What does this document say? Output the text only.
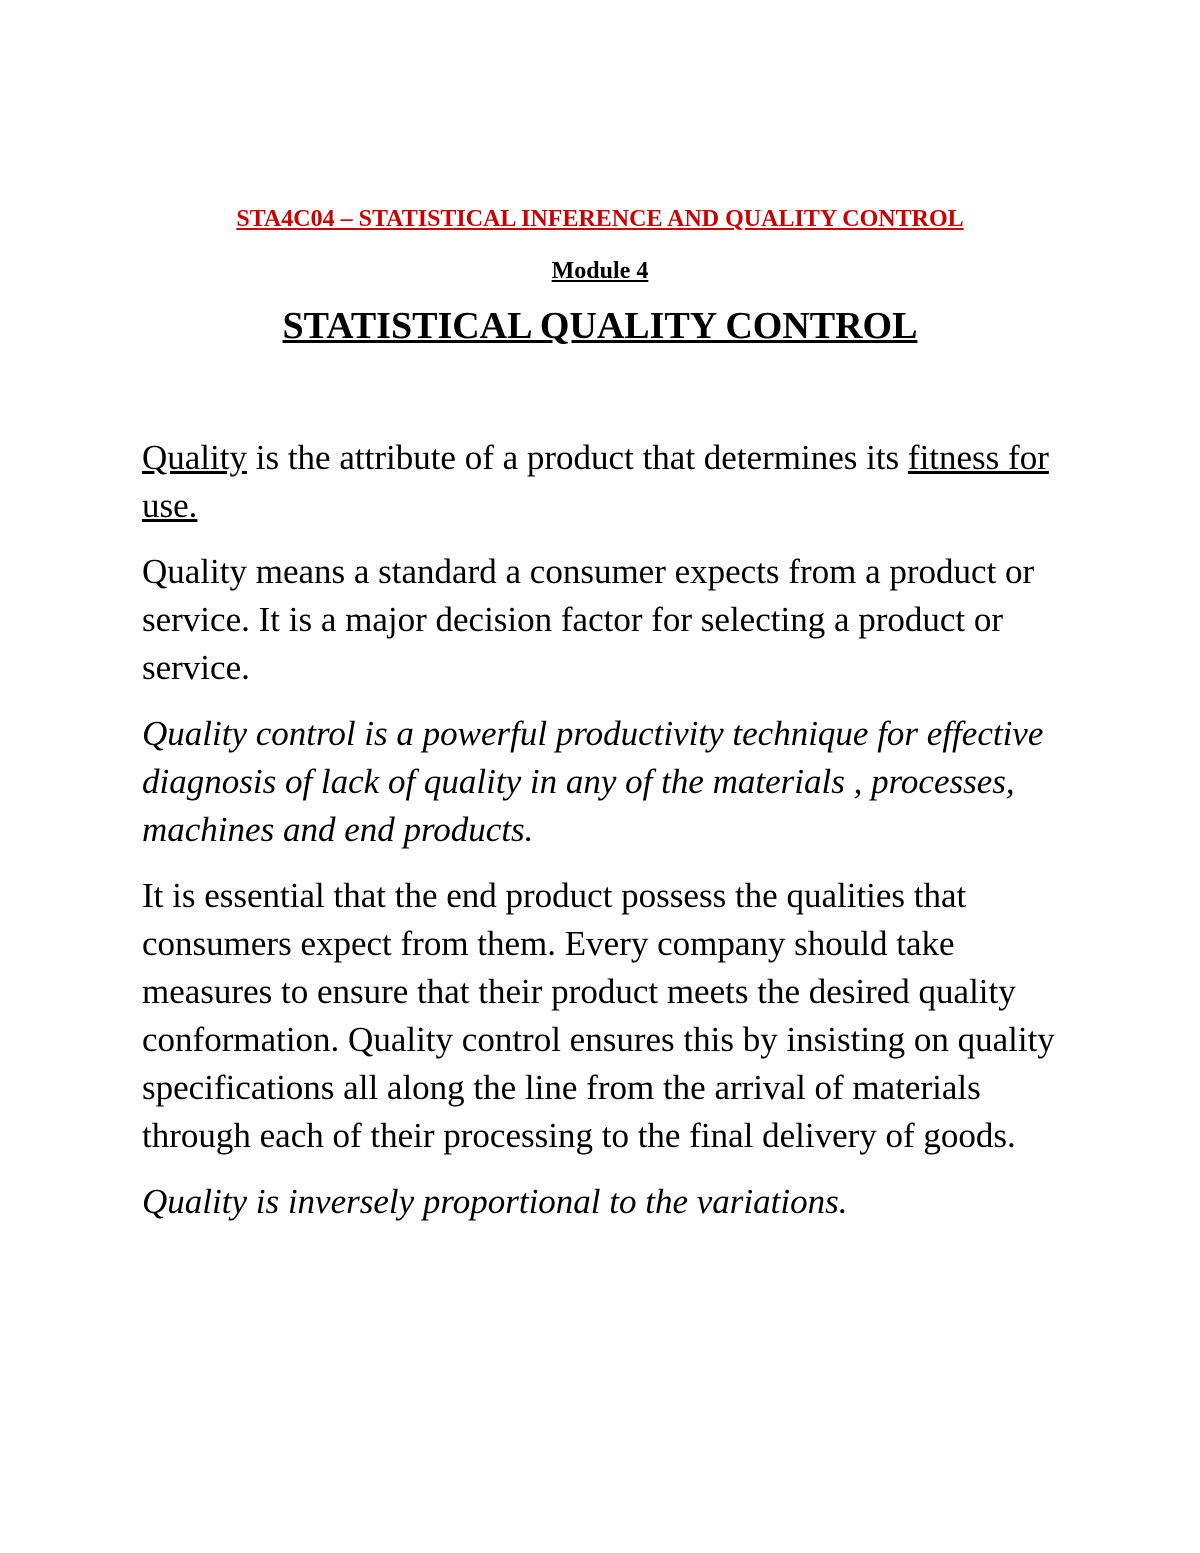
STA4C04 – STATISTICAL INFERENCE AND QUALITY CONTROL
Module 4
STATISTICAL QUALITY CONTROL

Quality is the attribute of a product that determines its fitness for use.

Quality means a standard a consumer expects from a product or service. It is a major decision factor for selecting a product or service.

Quality control is a powerful productivity technique for effective diagnosis of lack of quality in any of the materials , processes, machines and end products.

It is essential that the end product possess the qualities that consumers expect from them. Every company should take measures to ensure that their product meets the desired quality conformation. Quality control ensures this by insisting on quality specifications all along the line from the arrival of materials through each of their processing to the final delivery of goods.

Quality is inversely proportional to the variations.
